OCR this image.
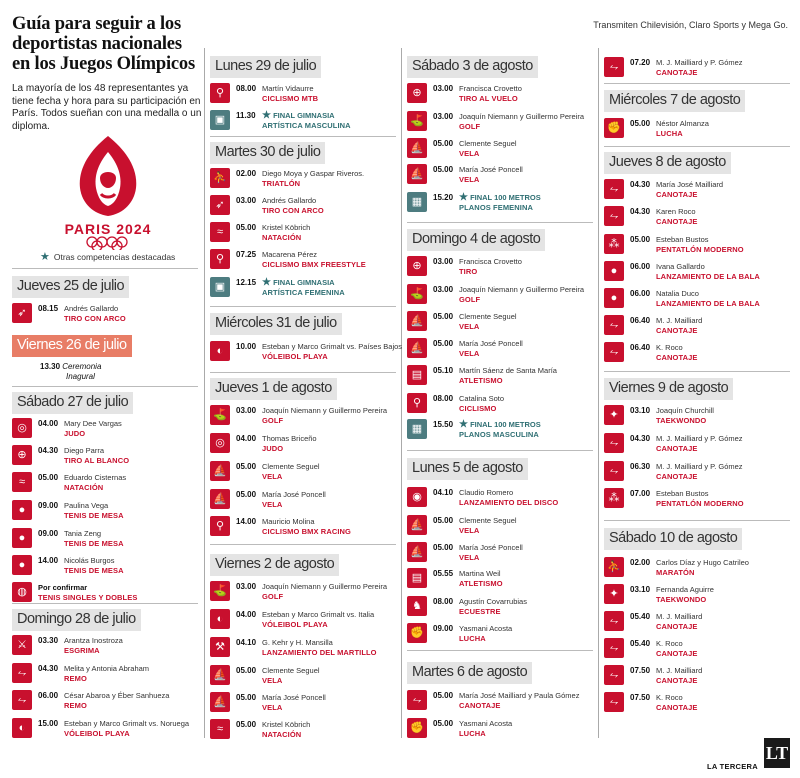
Guía para seguir a los deportistas nacionales en los Juegos Olímpicos
La mayoría de los 48 representantes ya tiene fecha y hora para su participación en París. Todos sueñan con una medalla o un diploma.
Transmiten Chilevisión, Claro Sports y Mega Go.
PARIS 2024
★ Otras competencias destacadas
Jueves 25 de julio
➶	08.15 Andrés Gallardo
TIRO CON ARCO
Viernes 26 de julio
13.30 Ceremonia
Inagural
Sábado 27 de julio
◎	04.00 Mary Dee Vargas
JUDO
⊕	04.30 Diego Parra
TIRO AL BLANCO
≈	05.00 Eduardo Cisternas
NATACIÓN
●	09.00 Paulina Vega
TENIS DE MESA
●	09.00 Tania Zeng
TENIS DE MESA
●	14.00 Nicolás Burgos
TENIS DE MESA
◍	Por confirmar
TENIS SINGLES Y DOBLES
Domingo 28 de julio
⚔	03.30 Arantza Inostroza
ESGRIMA
⥊	04.30 Melita y Antonia Abraham
REMO
⥊	06.00 César Abaroa y Éber Sanhueza
REMO
◐	15.00 Esteban y Marco Grimalt vs. Noruega
VÓLEIBOL PLAYA
Lunes 29 de julio
⚲	08.00 Martín Vidaurre
CICLISMO MTB
▣	11.30 ★ FINAL GIMNASIA
ARTÍSTICA MASCULINA
Martes 30 de julio
⛹	02.00 Diego Moya y Gaspar Riveros.
TRIATLÓN
➶	03.00 Andrés Gallardo
TIRO CON ARCO
≈	05.00 Kristel Köbrich
NATACIÓN
⚲	07.25 Macarena Pérez
CICLISMO BMX FREESTYLE
▣	12.15 ★ FINAL GIMNASIA
ARTÍSTICA FEMENINA
Miércoles 31 de julio
◐	10.00 Esteban y Marco Grimalt vs. Países Bajos
VÓLEIBOL PLAYA
Jueves 1 de agosto
⛳	03.00 Joaquín Niemann y Guillermo Pereira
GOLF
◎	04.00 Thomas Briceño
JUDO
⛵	05.00 Clemente Seguel
VELA
⛵	05.00 María José Poncell
VELA
⚲	14.00 Mauricio Molina
CICLISMO BMX RACING
Viernes 2 de agosto
⛳	03.00 Joaquín Niemann y Guillermo Pereira
GOLF
◐	04.00 Esteban y Marco Grimalt vs. Italia
VÓLEIBOL PLAYA
⚒	04.10 G. Kehr y H. Mansilla
LANZAMIENTO DEL MARTILLO
⛵	05.00 Clemente Seguel
VELA
⛵	05.00 María José Poncell
VELA
≈	05.00 Kristel Köbrich
NATACIÓN
Sábado 3 de agosto
⊕	03.00 Francisca Crovetto
TIRO AL VUELO
⛳	03.00 Joaquín Niemann y Guillermo Pereira
GOLF
⛵	05.00 Clemente Seguel
VELA
⛵	05.00 María José Poncell
VELA
▦	15.20 ★ FINAL 100 METROS
PLANOS FEMENINA
Domingo 4 de agosto
⊕	03.00 Francisca Crovetto
TIRO
⛳	03.00 Joaquín Niemann y Guillermo Pereira
GOLF
⛵	05.00 Clemente Seguel
VELA
⛵	05.00 María José Poncell
VELA
▤	05.10 Martín Sáenz de Santa María
ATLETISMO
⚲	08.00 Catalina Soto
CICLISMO
▦	15.50 ★ FINAL 100 METROS
PLANOS MASCULINA
Lunes 5 de agosto
◉	04.10 Claudio Romero
LANZAMIENTO DEL DISCO
⛵	05.00 Clemente Seguel
VELA
⛵	05.00 María José Poncell
VELA
▤	05.55 Martina Weil
ATLETISMO
♞	08.00 Agustín Covarrubias
ECUESTRE
✊	09.00 Yasmani Acosta
LUCHA
Martes 6 de agosto
⥊	05.00 María José Mailliard y Paula Gómez
CANOTAJE
✊	05.00 Yasmani Acosta
LUCHA
⥊	07.20 M. J. Mailliard y P. Gómez
CANOTAJE
Miércoles 7 de agosto
✊	05.00 Néstor Almanza
LUCHA
Jueves 8 de agosto
⥊	04.30 María José Mailliard
CANOTAJE
⥊	04.30 Karen Roco
CANOTAJE
⁂	05.00 Esteban Bustos
PENTATLÓN MODERNO
●	06.00 Ivana Gallardo
LANZAMIENTO DE LA BALA
●	06.00 Natalia Duco
LANZAMIENTO DE LA BALA
⥊	06.40 M. J. Mailliard
CANOTAJE
⥊	06.40 K. Roco
CANOTAJE
Viernes 9 de agosto
✦	03.10 Joaquín Churchill
TAEKWONDO
⥊	04.30 M. J. Mailliard y P. Gómez
CANOTAJE
⥊	06.30 M. J. Mailliard y P. Gómez
CANOTAJE
⁂	07.00 Esteban Bustos
PENTATLÓN MODERNO
Sábado 10 de agosto
⛹	02.00 Carlos Díaz y Hugo Catrileo
MARATÓN
✦	03.10 Fernanda Aguirre
TAEKWONDO
⥊	05.40 M. J. Mailliard
CANOTAJE
⥊	05.40 K. Roco
CANOTAJE
⥊	07.50 M. J. Mailliard
CANOTAJE
⥊	07.50 K. Roco
CANOTAJE
LA TERCERA
LT
